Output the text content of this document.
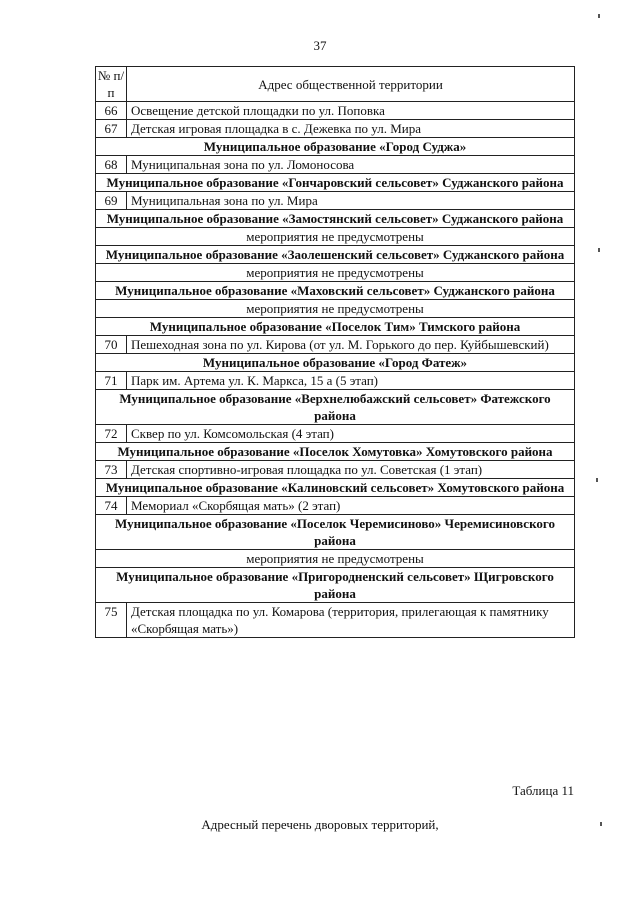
37
№ п/п	Адрес общественной территории
66	Освещение детской площадки по ул. Поповка
67	Детская игровая площадка в с. Дежевка по ул. Мира
Муниципальное образование «Город Суджа»	
68	Муниципальная зона по ул. Ломоносова
Муниципальное образование «Гончаровский сельсовет» Суджанского района	
69	Муниципальная зона по ул. Мира
Муниципальное образование «Замостянский сельсовет» Суджанского района	
мероприятия не предусмотрены	
Муниципальное образование «Заолешенский сельсовет» Суджанского района	
мероприятия не предусмотрены	
Муниципальное образование «Маховский сельсовет» Суджанского района	
мероприятия не предусмотрены	
Муниципальное образование «Поселок Тим» Тимского района	
70	Пешеходная зона по ул. Кирова (от ул. М. Горького до пер. Куйбышевский)
Муниципальное образование «Город Фатеж»	
71	Парк им. Артема ул. К. Маркса, 15 а (5 этап)
Муниципальное образование «Верхнелюбажский сельсовет» Фатежского района	
72	Сквер по ул. Комсомольская (4 этап)
Муниципальное образование «Поселок Хомутовка» Хомутовского района	
73	Детская спортивно-игровая площадка по ул. Советская (1 этап)
Муниципальное образование «Калиновский сельсовет» Хомутовского района	
74	Мемориал «Скорбящая мать» (2 этап)
Муниципальное образование «Поселок Черемисиново» Черемисиновского района	
мероприятия не предусмотрены	
Муниципальное образование «Пригородненский сельсовет» Щигровского района	
75	Детская площадка по ул. Комарова (территория, прилегающая к памятнику «Скорбящая мать»)
Таблица 11
Адресный перечень дворовых территорий,
